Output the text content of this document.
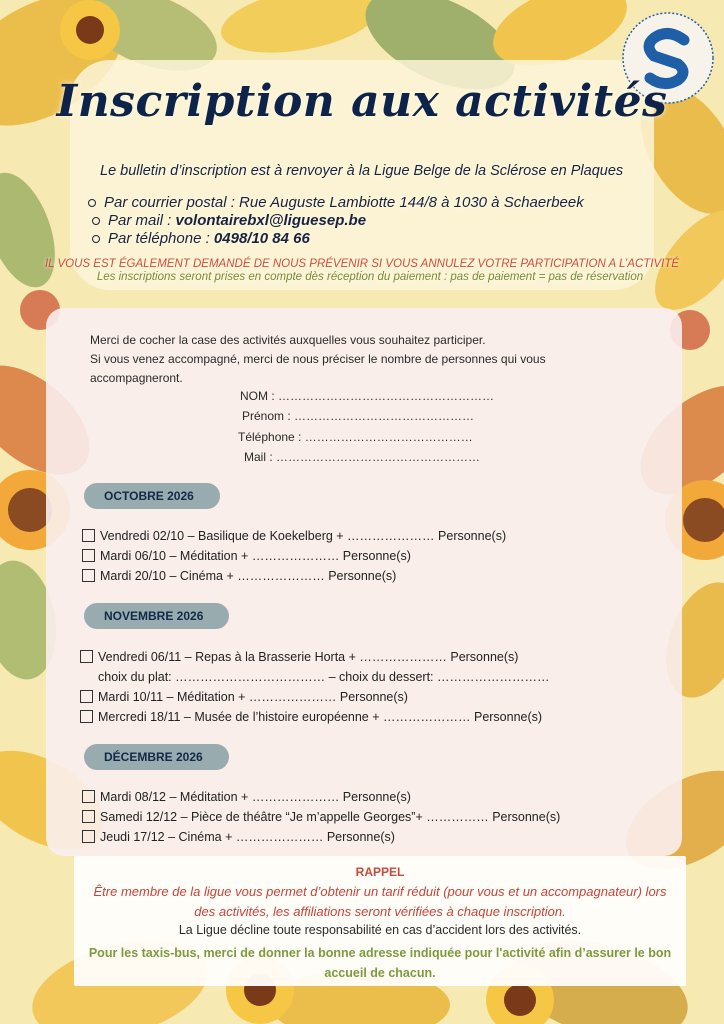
Inscription aux activités
Le bulletin d’inscription est à renvoyer à la Ligue Belge de la Sclérose en Plaques
Par courrier postal : Rue Auguste Lambiotte 144/8 à 1030 à Schaerbeek
Par mail : volontairebxl@liguesep.be
Par téléphone : 0498/10 84 66
IL VOUS EST ÉGALEMENT DEMANDÉ DE NOUS PRÉVENIR SI VOUS ANNULEZ VOTRE PARTICIPATION A L’ACTIVITÉ
Les inscriptions seront prises en compte dès réception du paiement : pas de paiement = pas de réservation
Merci de cocher la case des activités auxquelles vous souhaitez participer.
Si vous venez accompagné, merci de nous préciser le nombre de personnes qui vous accompagneront.
NOM : ………………………………………………
Prénom : ………………………………………
Téléphone : ……………………………………
Mail : ……………………………………………
OCTOBRE 2026
Vendredi 02/10 – Basilique de Koekelberg + ………………… Personne(s)
Mardi 06/10 – Méditation + ………………… Personne(s)
Mardi 20/10 – Cinéma + ………………… Personne(s)
NOVEMBRE 2026
Vendredi 06/11 – Repas à la Brasserie Horta + ………………… Personne(s)
choix du plat: ……………………………… – choix du dessert: ………………………
Mardi 10/11 – Méditation + ………………… Personne(s)
Mercredi 18/11 – Musée de l’histoire européenne + ………………… Personne(s)
DÉCEMBRE 2026
Mardi 08/12 – Méditation + ………………… Personne(s)
Samedi 12/12 – Pièce de théâtre “Je m’appelle Georges”+ …………… Personne(s)
Jeudi 17/12 – Cinéma + ………………… Personne(s)
RAPPEL
Être membre de la ligue vous permet d’obtenir un tarif réduit (pour vous et un accompagnateur) lors des activités, les affiliations seront vérifiées à chaque inscription.
La Ligue décline toute responsabilité en cas d’accident lors des activités.
Pour les taxis-bus, merci de donner la bonne adresse indiquée pour l'activité afin d’assurer le bon accueil de chacun.
